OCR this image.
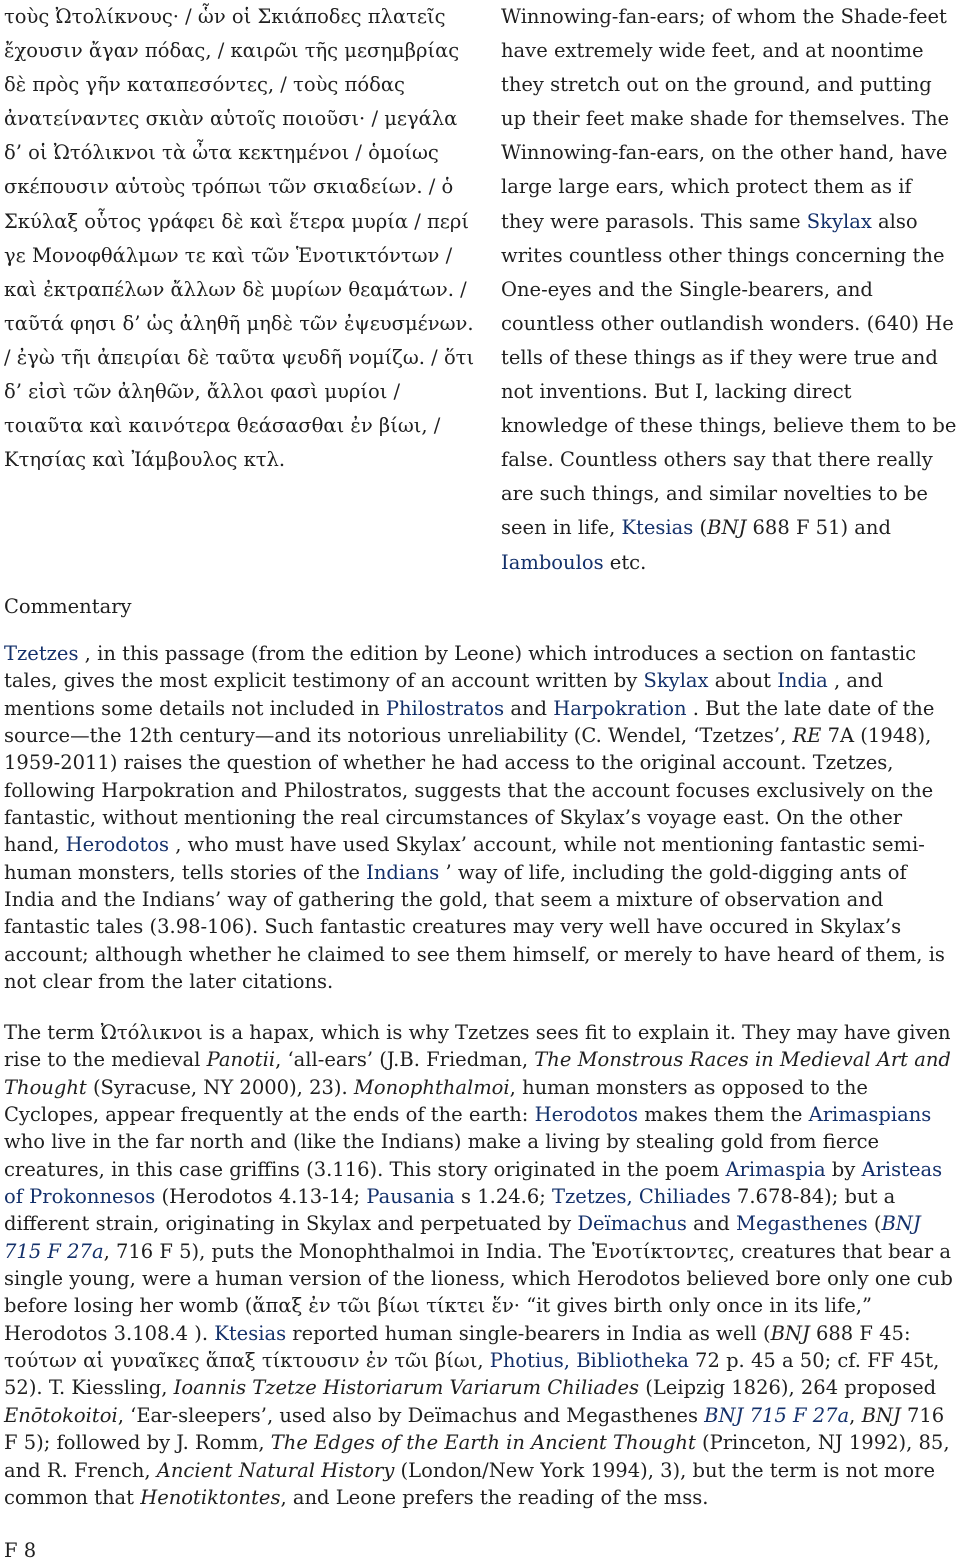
τοὺς Ὠτολίκνους· / ὧν οἱ Σκιάποδες πλατεῖς ἔχουσιν ἄγαν πόδας, / καιρῶι τῆς μεσημβρίας δὲ πρὸς γῆν καταπεσόντες, / τοὺς πόδας ἀνατείναντες σκιὰν αὑτοῖς ποιοῦσι· / μεγάλα δ’ οἱ Ὠτόλικνοι τὰ ὦτα κεκτημένοι / ὁμοίως σκέπουσιν αὑτοὺς τρόπωι τῶν σκιαδείων. / ὁ Σκύλαξ οὗτος γράφει δὲ καὶ ἕτερα μυρία / περί γε Μονοφθάλμων τε καὶ τῶν Ἑνοτικτόντων / καὶ ἐκτραπέλων ἄλλων δὲ μυρίων θεαμάτων. / ταῦτά φησι δ’ ὡς ἀληθῆ μηδὲ τῶν ἐψευσμένων. / ἐγὼ τῆι ἀπειρίαι δὲ ταῦτα ψευδῆ νομίζω. / ὅτι δ’ εἰσὶ τῶν ἀληθῶν, ἄλλοι φασὶ μυρίοι / τοιαῦτα καὶ καινότερα θεάσασθαι ἐν βίωι, / Κτησίας καὶ Ἰάμβουλος κτλ.

Winnowing-fan-ears; of whom the Shade-feet have extremely wide feet, and at noontime they stretch out on the ground, and putting up their feet make shade for themselves. The Winnowing-fan-ears, on the other hand, have large large ears, which protect them as if they were parasols. This same Skylax also writes countless other things concerning the One-eyes and the Single-bearers, and countless other outlandish wonders. (640) He tells of these things as if they were true and not inventions. But I, lacking direct knowledge of these things, believe them to be false. Countless others say that there really are such things, and similar novelties to be seen in life, Ktesias (BNJ 688 F 51) and Iamboulos etc.

Commentary

Tzetzes , in this passage (from the edition by Leone) which introduces a section on fantastic tales, gives the most explicit testimony of an account written by Skylax about India , and mentions some details not included in Philostratos and Harpokration . But the late date of the source—the 12th century—and its notorious unreliability (C. Wendel, ‘Tzetzes’, RE 7A (1948), 1959-2011) raises the question of whether he had access to the original account. Tzetzes, following Harpokration and Philostratos, suggests that the account focuses exclusively on the fantastic, without mentioning the real circumstances of Skylax’s voyage east. On the other hand, Herodotos , who must have used Skylax’ account, while not mentioning fantastic semi-human monsters, tells stories of the Indians ’ way of life, including the gold-digging ants of India and the Indians’ way of gathering the gold, that seem a mixture of observation and fantastic tales (3.98-106). Such fantastic creatures may very well have occured in Skylax’s account; although whether he claimed to see them himself, or merely to have heard of them, is not clear from the later citations.

The term Ὠτόλικνοι is a hapax, which is why Tzetzes sees fit to explain it. They may have given rise to the medieval Panotii, ‘all-ears’ (J.B. Friedman, The Monstrous Races in Medieval Art and Thought (Syracuse, NY 2000), 23). Monophthalmoi, human monsters as opposed to the Cyclopes, appear frequently at the ends of the earth: Herodotos makes them the Arimaspians who live in the far north and (like the Indians) make a living by stealing gold from fierce creatures, in this case griffins (3.116). This story originated in the poem Arimaspia by Aristeas of Prokonnesos (Herodotos 4.13-14; Pausania s 1.24.6; Tzetzes, Chiliades 7.678-84); but a different strain, originating in Skylax and perpetuated by Deïmachus and Megasthenes (BNJ 715 F 27a, 716 F 5), puts the Monophthalmoi in India. The Ἑνοτίκτοντες, creatures that bear a single young, were a human version of the lioness, which Herodotos believed bore only one cub before losing her womb (ἅπαξ ἐν τῶι βίωι τίκτει ἕν· “it gives birth only once in its life,” Herodotos 3.108.4 ). Ktesias reported human single-bearers in India as well (BNJ 688 F 45: τούτων αἱ γυναῖκες ἅπαξ τίκτουσιν ἐν τῶι βίωι, Photius, Bibliotheka 72 p. 45 a 50; cf. FF 45t, 52). T. Kiessling, Ioannis Tzetze Historiarum Variarum Chiliades (Leipzig 1826), 264 proposed Enōtokoitoi, ‘Ear-sleepers’, used also by Deïmachus and Megasthenes BNJ 715 F 27a, BNJ 716 F 5); followed by J. Romm, The Edges of the Earth in Ancient Thought (Princeton, NJ 1992), 85, and R. French, Ancient Natural History (London/New York 1994), 3), but the term is not more common that Henotiktontes, and Leone prefers the reading of the mss.

F 8
